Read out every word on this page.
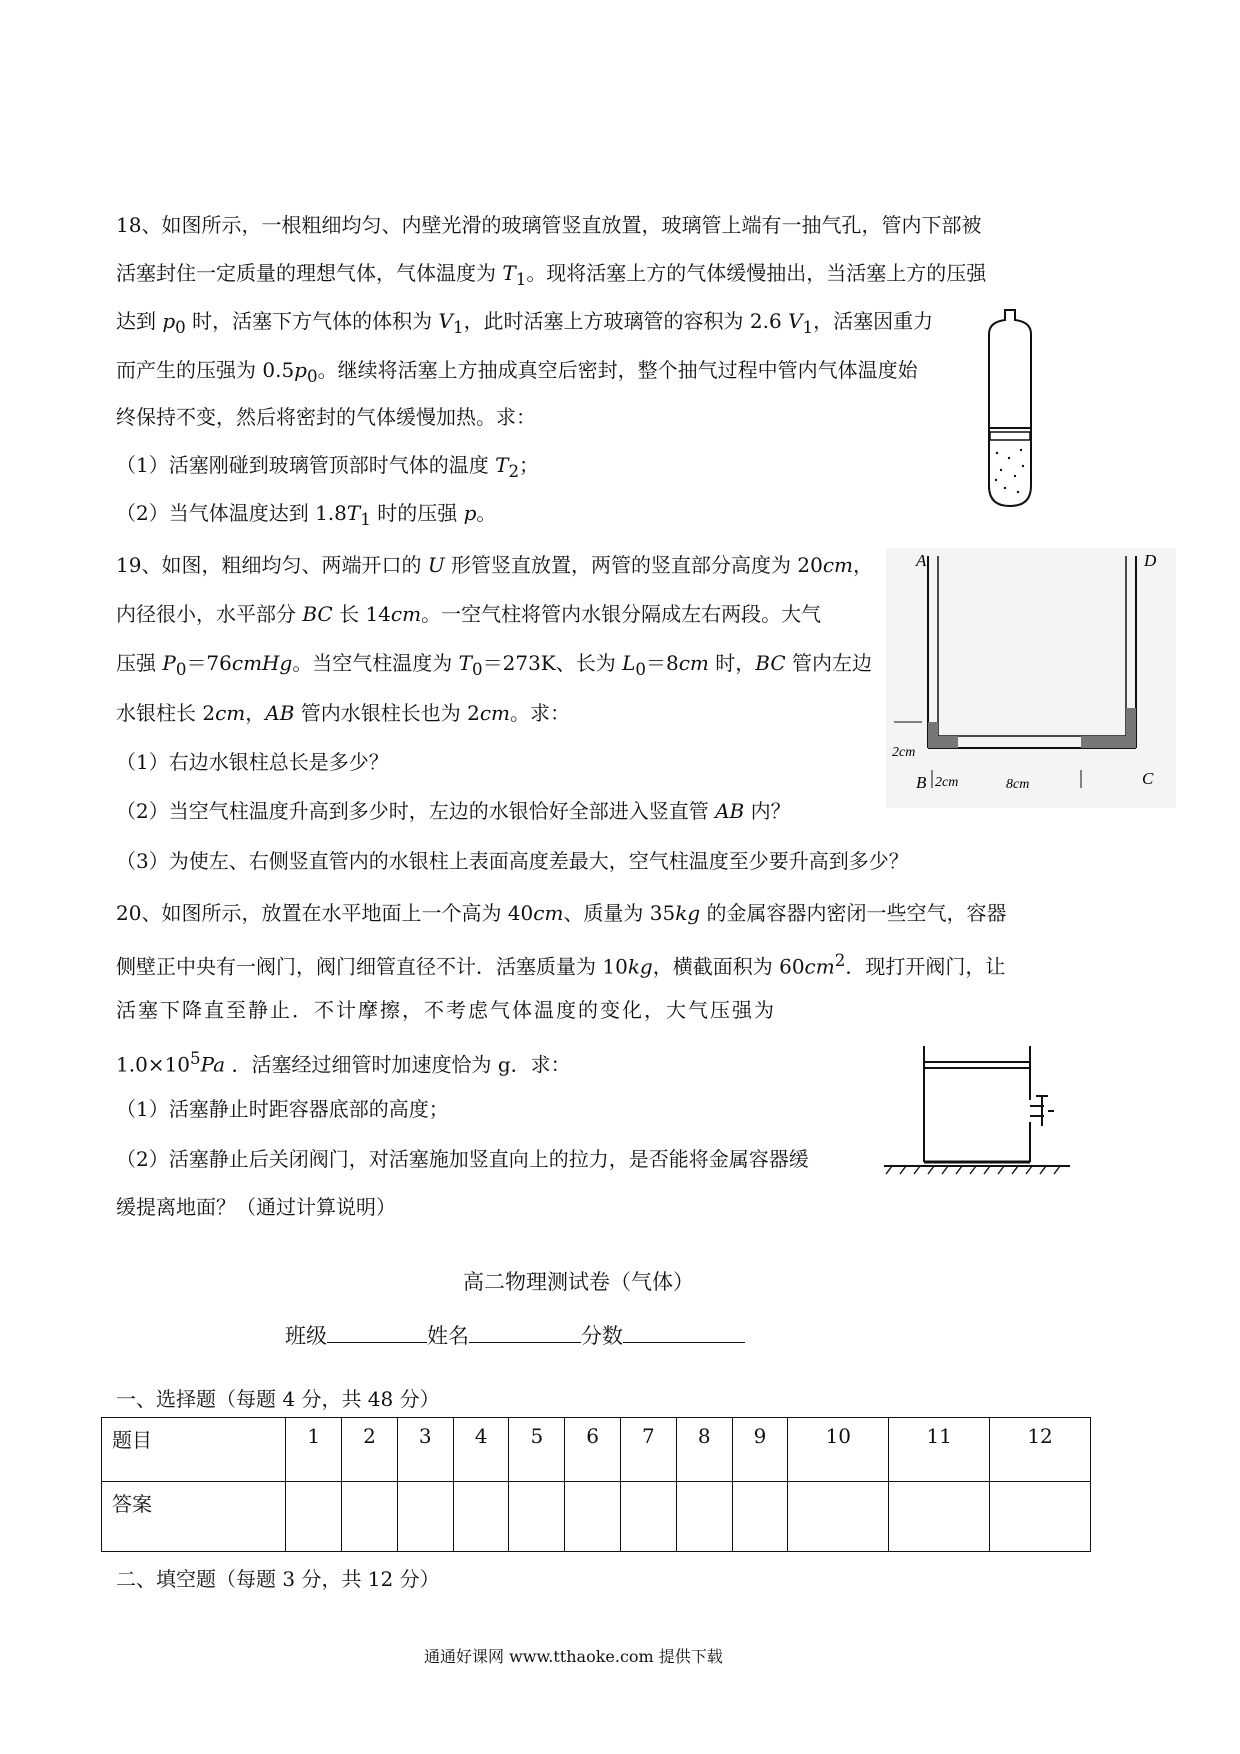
18、如图所示，一根粗细均匀、内壁光滑的玻璃管竖直放置，玻璃管上端有一抽气孔，管内下部被
活塞封住一定质量的理想气体，气体温度为 $T_1$。现将活塞上方的气体缓慢抽出，当活塞上方的压强
达到 $p_0$ 时，活塞下方气体的体积为 $V_1$，此时活塞上方玻璃管的容积为 2.6 $V_1$，活塞因重力
而产生的压强为 $0.5p_0$。继续将活塞上方抽成真空后密封，整个抽气过程中管内气体温度始
终保持不变，然后将密封的气体缓慢加热。求：
（1）活塞刚碰到玻璃管顶部时气体的温度 $T_2$；
（2）当气体温度达到 $1.8T_1$ 时的压强 p。
19、如图，粗细均匀、两端开口的 U 形管竖直放置，两管的竖直部分高度为 20cm，
内径很小，水平部分 BC 长 14cm。一空气柱将管内水银分隔成左右两段。大气
压强 $P_0=76cmHg$。当空气柱温度为 $T_0=273K$、长为 $L_0=8cm$ 时，BC 管内左边
水银柱长 2cm，AB 管内水银柱长也为 2cm。求：
（1）右边水银柱总长是多少？
（2）当空气柱温度升高到多少时，左边的水银恰好全部进入竖直管 AB 内？
（3）为使左、右侧竖直管内的水银柱上表面高度差最大，空气柱温度至少要升高到多少？
A	D
B	C
2cm
2cm	8cm
20、如图所示，放置在水平地面上一个高为 40cm、质量为 35kg 的金属容器内密闭一些空气，容器
侧壁正中央有一阀门，阀门细管直径不计．活塞质量为 10kg，横截面积为 $60cm^2$．现打开阀门，让
活塞下降直至静止．不计摩擦，不考虑气体温度的变化，大气压强为
$1.0\times 10^5Pa$ ．活塞经过细管时加速度恰为 g．求：
（1）活塞静止时距容器底部的高度；
（2）活塞静止后关闭阀门，对活塞施加竖直向上的拉力，是否能将金属容器缓
缓提离地面？（通过计算说明）
高二物理测试卷（气体）
班级	姓名	分数
一、选择题（每题 4 分，共 48 分）
题目	1	2	3	4	5	6	7	8	9	10	11	12
答案												
二、填空题（每题 3 分，共 12 分）
通通好课网 www.tthaoke.com 提供下载
